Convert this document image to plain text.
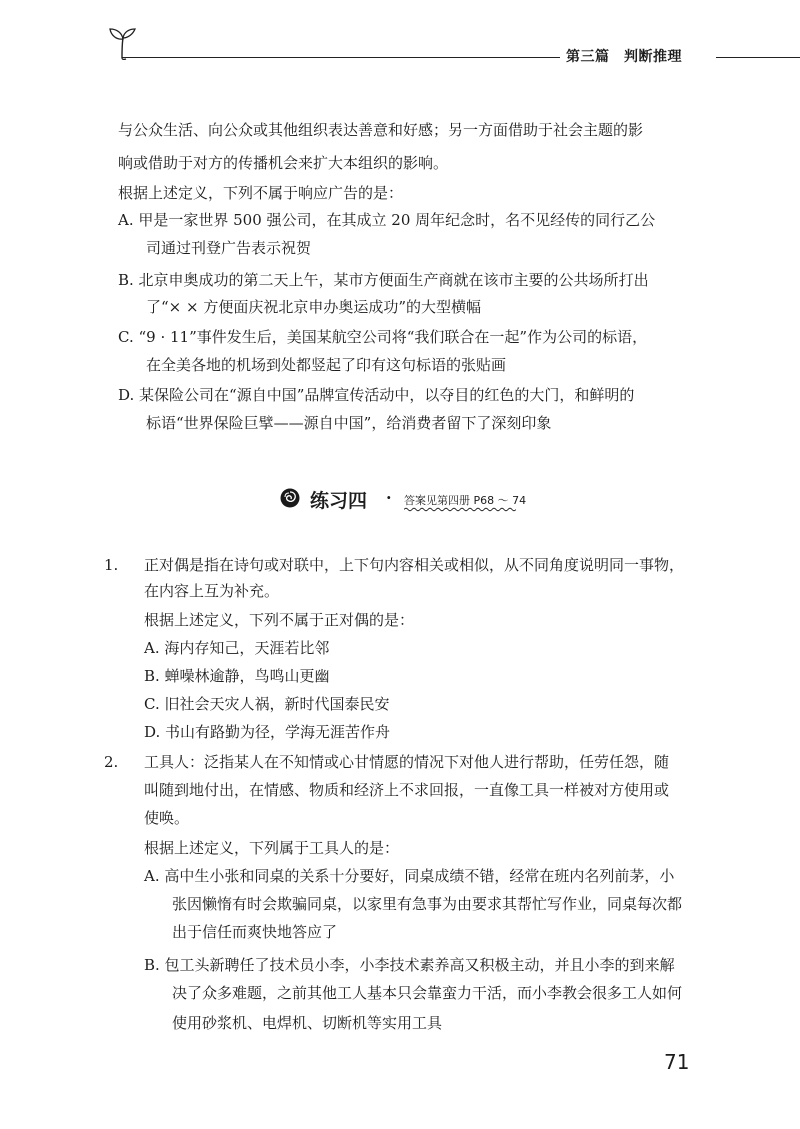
第三篇　判断推理
与公众生活、向公众或其他组织表达善意和好感；另一方面借助于社会主题的影
响或借助于对方的传播机会来扩大本组织的影响。
根据上述定义，下列不属于响应广告的是：
A. 甲是一家世界 500 强公司，在其成立 20 周年纪念时，名不见经传的同行乙公
司通过刊登广告表示祝贺
B. 北京申奥成功的第二天上午，某市方便面生产商就在该市主要的公共场所打出
了“× × 方便面庆祝北京申办奥运成功”的大型横幅
C. “9 · 11”事件发生后，美国某航空公司将“我们联合在一起”作为公司的标语，
在全美各地的机场到处都竖起了印有这句标语的张贴画
D. 某保险公司在“源自中国”品牌宣传活动中，以夺目的红色的大门，和鲜明的
标语“世界保险巨擘——源自中国”，给消费者留下了深刻印象
练习四 · 答案见第四册 P68 ～ 74
1. 正对偶是指在诗句或对联中，上下句内容相关或相似，从不同角度说明同一事物，
在内容上互为补充。
根据上述定义，下列不属于正对偶的是：
A. 海内存知己，天涯若比邻
B. 蝉噪林逾静，鸟鸣山更幽
C. 旧社会天灾人祸，新时代国泰民安
D. 书山有路勤为径，学海无涯苦作舟
2. 工具人：泛指某人在不知情或心甘情愿的情况下对他人进行帮助，任劳任怨，随
叫随到地付出，在情感、物质和经济上不求回报，一直像工具一样被对方使用或
使唤。
根据上述定义，下列属于工具人的是：
A. 高中生小张和同桌的关系十分要好，同桌成绩不错，经常在班内名列前茅，小
张因懒惰有时会欺骗同桌，以家里有急事为由要求其帮忙写作业，同桌每次都
出于信任而爽快地答应了
B. 包工头新聘任了技术员小李，小李技术素养高又积极主动，并且小李的到来解
决了众多难题，之前其他工人基本只会靠蛮力干活，而小李教会很多工人如何
使用砂浆机、电焊机、切断机等实用工具
71
